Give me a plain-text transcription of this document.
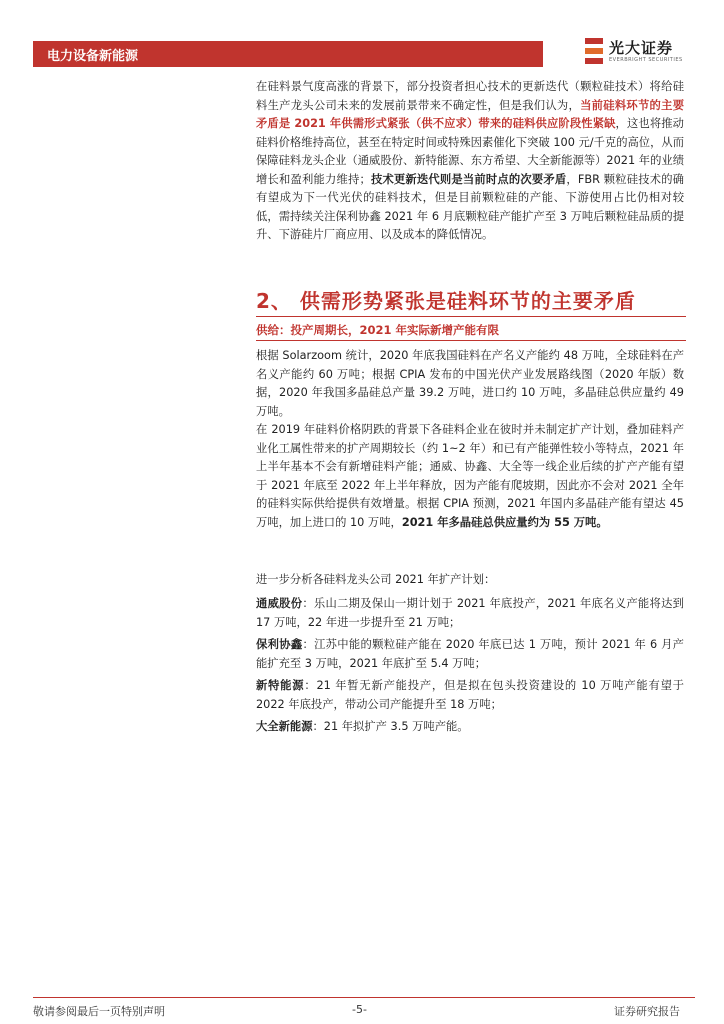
电力设备新能源	光大证券
EVERBRIGHT SECURITIES

在硅料景气度高涨的背景下，部分投资者担心技术的更新迭代（颗粒硅技术）将给硅料生产龙头公司未来的发展前景带来不确定性，但是我们认为，当前硅料环节的主要矛盾是 2021 年供需形式紧张（供不应求）带来的硅料供应阶段性紧缺，这也将推动硅料价格维持高位，甚至在特定时间或特殊因素催化下突破 100 元/千克的高位，从而保障硅料龙头企业（通威股份、新特能源、东方希望、大全新能源等）2021 年的业绩增长和盈利能力维持；技术更新迭代则是当前时点的次要矛盾，FBR 颗粒硅技术的确有望成为下一代光伏的硅料技术，但是目前颗粒硅的产能、下游使用占比仍相对较低，需持续关注保利协鑫 2021 年 6 月底颗粒硅产能扩产至 3 万吨后颗粒硅品质的提升、下游硅片厂商应用、以及成本的降低情况。

2、 供需形势紧张是硅料环节的主要矛盾
供给：投产周期长，2021 年实际新增产能有限

根据 Solarzoom 统计，2020 年底我国硅料在产名义产能约 48 万吨，全球硅料在产名义产能约 60 万吨；根据 CPIA 发布的中国光伏产业发展路线图（2020 年版）数据，2020 年我国多晶硅总产量 39.2 万吨，进口约 10 万吨，多晶硅总供应量约 49 万吨。

在 2019 年硅料价格阴跌的背景下各硅料企业在彼时并未制定扩产计划，叠加硅料产业化工属性带来的扩产周期较长（约 1~2 年）和已有产能弹性较小等特点，2021 年上半年基本不会有新增硅料产能；通威、协鑫、大全等一线企业后续的扩产产能有望于 2021 年底至 2022 年上半年释放，因为产能有爬坡期，因此亦不会对 2021 全年的硅料实际供给提供有效增量。根据 CPIA 预测，2021 年国内多晶硅产能有望达 45 万吨，加上进口的 10 万吨，2021 年多晶硅总供应量约为 55 万吨。

进一步分析各硅料龙头公司 2021 年扩产计划：

通威股份：乐山二期及保山一期计划于 2021 年底投产，2021 年底名义产能将达到 17 万吨，22 年进一步提升至 21 万吨；

保利协鑫：江苏中能的颗粒硅产能在 2020 年底已达 1 万吨，预计 2021 年 6 月产能扩充至 3 万吨，2021 年底扩至 5.4 万吨；

新特能源：21 年暂无新产能投产，但是拟在包头投资建设的 10 万吨产能有望于 2022 年底投产，带动公司产能提升至 18 万吨；

大全新能源：21 年拟扩产 3.5 万吨产能。

敬请参阅最后一页特别声明	-5-	证券研究报告
